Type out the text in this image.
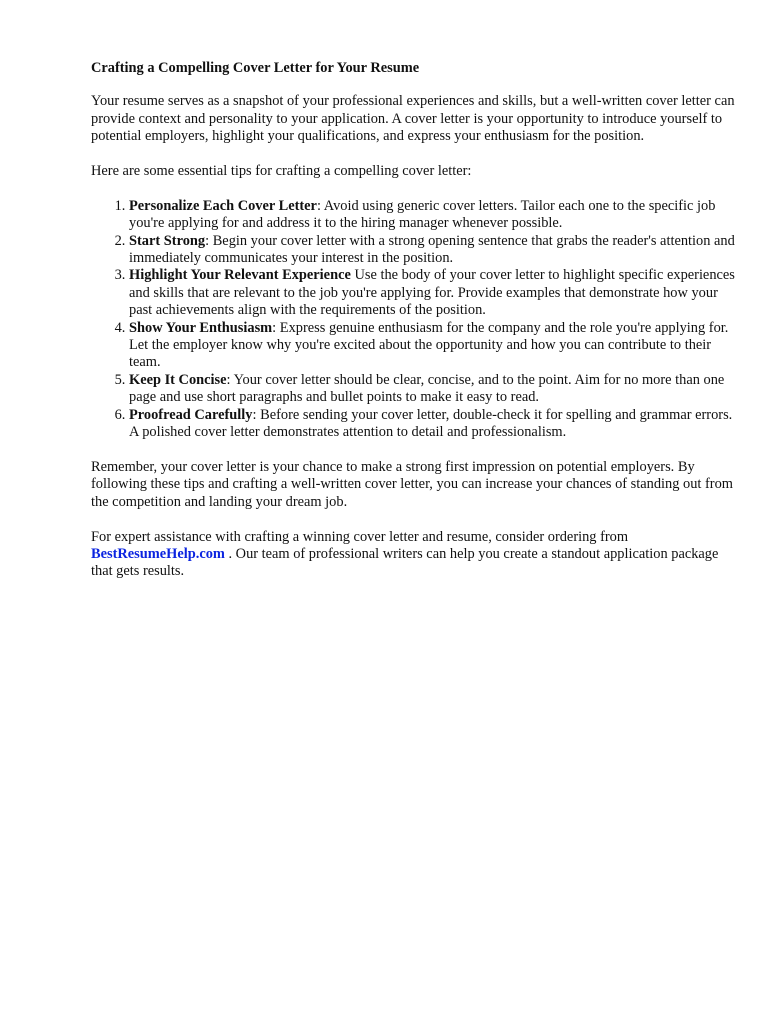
Crafting a Compelling Cover Letter for Your Resume

Your resume serves as a snapshot of your professional experiences and skills, but a well-written cover letter can provide context and personality to your application. A cover letter is your opportunity to introduce yourself to potential employers, highlight your qualifications, and express your enthusiasm for the position.

Here are some essential tips for crafting a compelling cover letter:

1. Personalize Each Cover Letter: Avoid using generic cover letters. Tailor each one to the specific job you're applying for and address it to the hiring manager whenever possible.
2. Start Strong: Begin your cover letter with a strong opening sentence that grabs the reader's attention and immediately communicates your interest in the position.
3. Highlight Your Relevant Experience Use the body of your cover letter to highlight specific experiences and skills that are relevant to the job you're applying for. Provide examples that demonstrate how your past achievements align with the requirements of the position.
4. Show Your Enthusiasm: Express genuine enthusiasm for the company and the role you're applying for. Let the employer know why you're excited about the opportunity and how you can contribute to their team.
5. Keep It Concise: Your cover letter should be clear, concise, and to the point. Aim for no more than one page and use short paragraphs and bullet points to make it easy to read.
6. Proofread Carefully: Before sending your cover letter, double-check it for spelling and grammar errors. A polished cover letter demonstrates attention to detail and professionalism.

Remember, your cover letter is your chance to make a strong first impression on potential employers. By following these tips and crafting a well-written cover letter, you can increase your chances of standing out from the competition and landing your dream job.

For expert assistance with crafting a winning cover letter and resume, consider ordering from BestResumeHelp.com . Our team of professional writers can help you create a standout application package that gets results.
